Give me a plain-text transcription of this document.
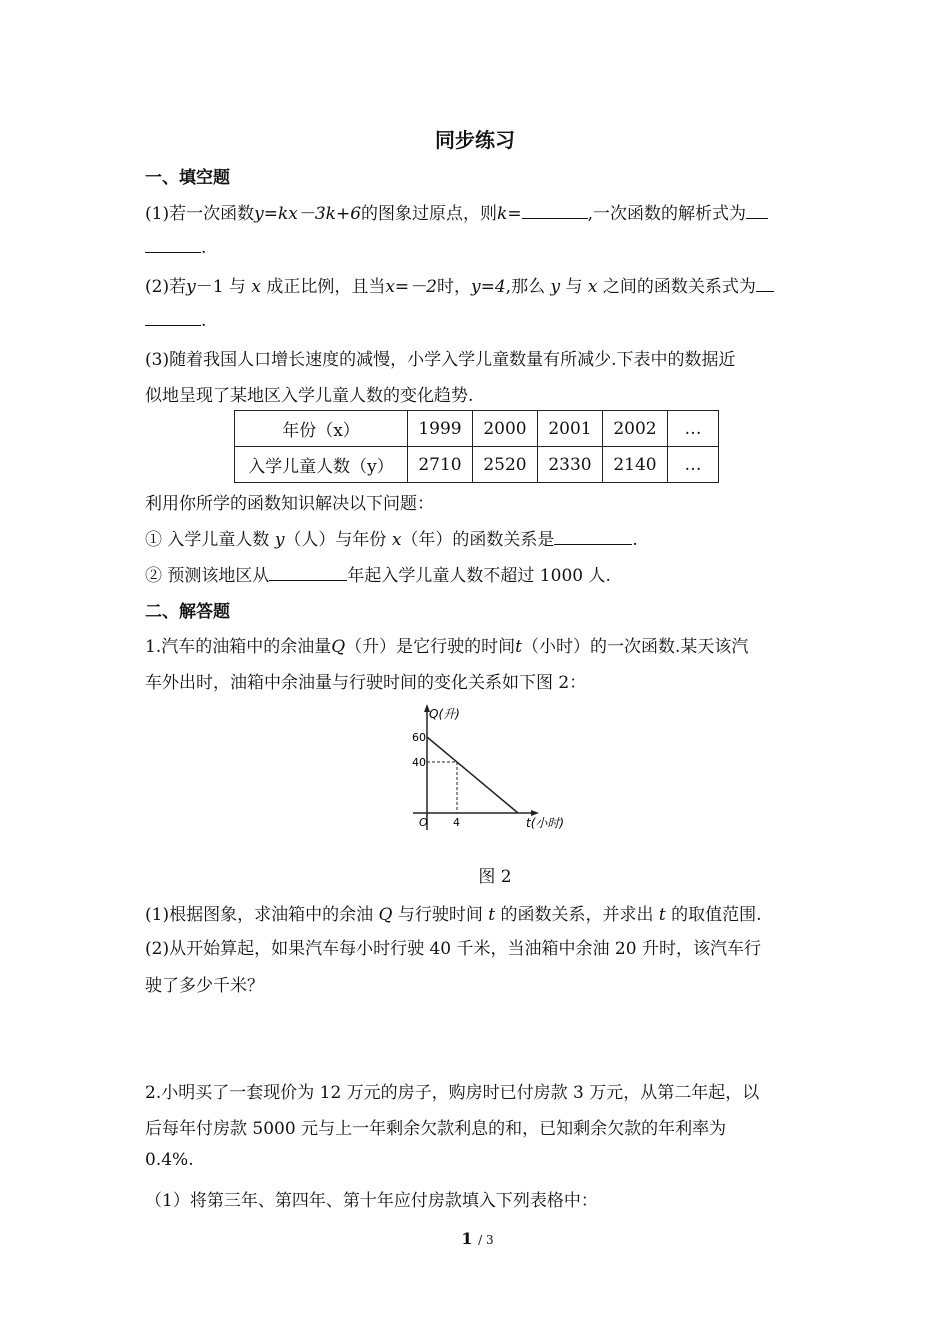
同步练习
一、填空题
(1)若一次函数y=kx－3k+6的图象过原点，则k=	,一次函数的解析式为
.
(2)若y－1 与 x 成正比例，且当x=－2时，y=4,那么 y 与 x 之间的函数关系式为
.
(3)随着我国人口增长速度的减慢，小学入学儿童数量有所减少.下表中的数据近
似地呈现了某地区入学儿童人数的变化趋势.
年份（x）	1999	2000	2001	2002	…
入学儿童人数（y）	2710	2520	2330	2140	…
利用你所学的函数知识解决以下问题：
① 入学儿童人数 y（人）与年份 x（年）的函数关系是	.
② 预测该地区从	年起入学儿童人数不超过 1000 人.
二、解答题
1.汽车的油箱中的余油量Q（升）是它行驶的时间t（小时）的一次函数.某天该汽
车外出时，油箱中余油量与行驶时间的变化关系如下图 2：
Q(升)
t(小时)
60
40
O 4
图 2
(1)根据图象，求油箱中的余油 Q 与行驶时间 t 的函数关系，并求出 t 的取值范围.
(2)从开始算起，如果汽车每小时行驶 40 千米，当油箱中余油 20 升时，该汽车行
驶了多少千米？
2.小明买了一套现价为 12 万元的房子，购房时已付房款 3 万元，从第二年起，以
后每年付房款 5000 元与上一年剩余欠款利息的和，已知剩余欠款的年利率为
0.4%.
（1）将第三年、第四年、第十年应付房款填入下列表格中：
1 / 3
